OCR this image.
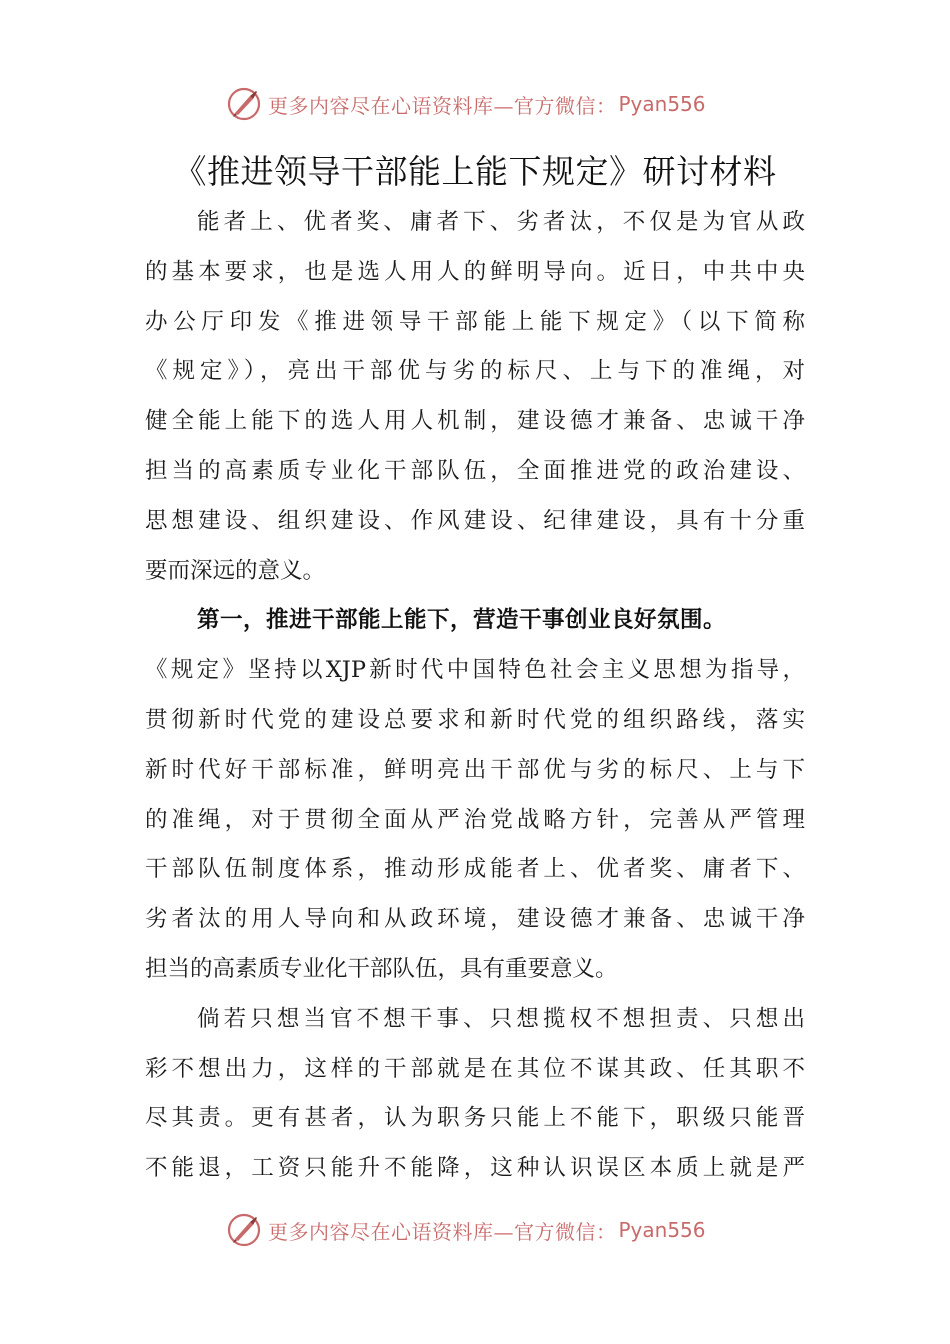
更多内容尽在心语资料库—官方微信： Pyan556
《推进领导干部能上能下规定》研讨材料
能者上、优者奖、庸者下、劣者汰，不仅是为官从政
的基本要求，也是选人用人的鲜明导向。近日，中共中央
办公厅印发《推进领导干部能上能下规定》（以下简称
《规定》），亮出干部优与劣的标尺、上与下的准绳，对
健全能上能下的选人用人机制，建设德才兼备、忠诚干净
担当的高素质专业化干部队伍，全面推进党的政治建设、
思想建设、组织建设、作风建设、纪律建设，具有十分重
要而深远的意义。
第一，推进干部能上能下，营造干事创业良好氛围。
《规定》坚持以XJP新时代中国特色社会主义思想为指导，
贯彻新时代党的建设总要求和新时代党的组织路线，落实
新时代好干部标准，鲜明亮出干部优与劣的标尺、上与下
的准绳，对于贯彻全面从严治党战略方针，完善从严管理
干部队伍制度体系，推动形成能者上、优者奖、庸者下、
劣者汰的用人导向和从政环境，建设德才兼备、忠诚干净
担当的高素质专业化干部队伍，具有重要意义。
倘若只想当官不想干事、只想揽权不想担责、只想出
彩不想出力，这样的干部就是在其位不谋其政、任其职不
尽其责。更有甚者，认为职务只能上不能下，职级只能晋
不能退，工资只能升不能降，这种认识误区本质上就是严
更多内容尽在心语资料库—官方微信： Pyan556
